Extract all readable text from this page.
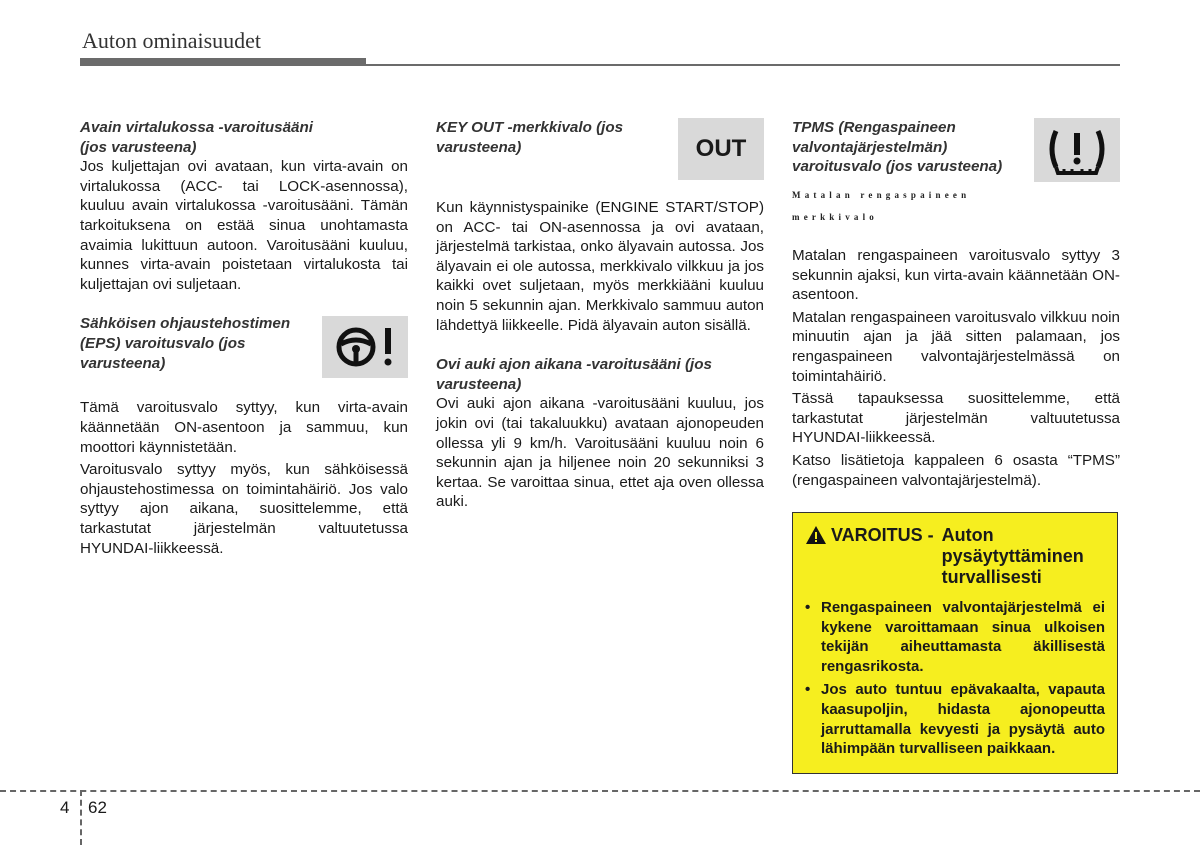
Auton ominaisuudet
Avain virtalukossa -varoitusääni
(jos varusteena)

Jos kuljettajan ovi avataan, kun virta-avain on virtalukossa (ACC- tai LOCK-asennossa), kuuluu avain virtalukossa -varoitusääni. Tämän tarkoituksena on estää sinua unohtamasta avaimia lukittuun autoon. Varoitusääni kuuluu, kunnes virta-avain poistetaan virtalukosta tai kuljettajan ovi suljetaan.

Sähköisen ohjaustehostimen (EPS) varoitusvalo (jos varusteena)

Tämä varoitusvalo syttyy, kun virta-avain käännetään ON-asentoon ja sammuu, kun moottori käynnistetään.

Varoitusvalo syttyy myös, kun sähköisessä ohjaustehostimessa on toimintahäiriö. Jos valo syttyy ajon aikana, suosittelemme, että tarkastutat järjestelmän valtuutetussa HYUNDAI-liikkeessä.

KEY OUT -merkkivalo (jos varusteena)	OUT

Kun käynnistyspainike (ENGINE START/STOP) on ACC- tai ON-asennossa ja ovi avataan, järjestelmä tarkistaa, onko älyavain autossa. Jos älyavain ei ole autossa, merkkivalo vilkkuu ja jos kaikki ovet suljetaan, myös merkkiääni kuuluu noin 5 sekunnin ajan. Merkkivalo sammuu auton lähdettyä liikkeelle. Pidä älyavain auton sisällä.

Ovi auki ajon aikana -varoitusääni (jos varusteena)

Ovi auki ajon aikana -varoitusääni kuuluu, jos jokin ovi (tai takaluukku) avataan ajonopeuden ollessa yli 9 km/h. Varoitusääni kuuluu noin 6 sekunnin ajan ja hiljenee noin 20 sekunniksi 3 kertaa. Se varoittaa sinua, ettet aja oven ollessa auki.

TPMS (Rengaspaineen valvontajärjestelmän) varoitusvalo (jos varusteena)
Matalan rengaspaineen
merkkivalo

Matalan rengaspaineen varoitusvalo syttyy 3 sekunnin ajaksi, kun virta-avain käännetään ON-asentoon.

Matalan rengaspaineen varoitusvalo vilkkuu noin minuutin ajan ja jää sitten palamaan, jos rengaspaineen valvontajärjestelmässä on toimintahäiriö.

Tässä tapauksessa suosittelemme, että tarkastutat järjestelmän valtuutetussa HYUNDAI-liikkeessä.

Katso lisätietoja kappaleen 6 osasta “TPMS” (rengaspaineen valvontajärjestelmä).

VAROITUS - Auton pysäytyttäminen turvallisesti
• Rengaspaineen valvontajärjestelmä ei kykene varoittamaan sinua ulkoisen tekijän aiheuttamasta äkillisestä rengasrikosta.
• Jos auto tuntuu epävakaalta, vapauta kaasupoljin, hidasta ajonopeutta jarruttamalla kevyesti ja pysäytä auto lähimpään turvalliseen paikkaan.
4 62
